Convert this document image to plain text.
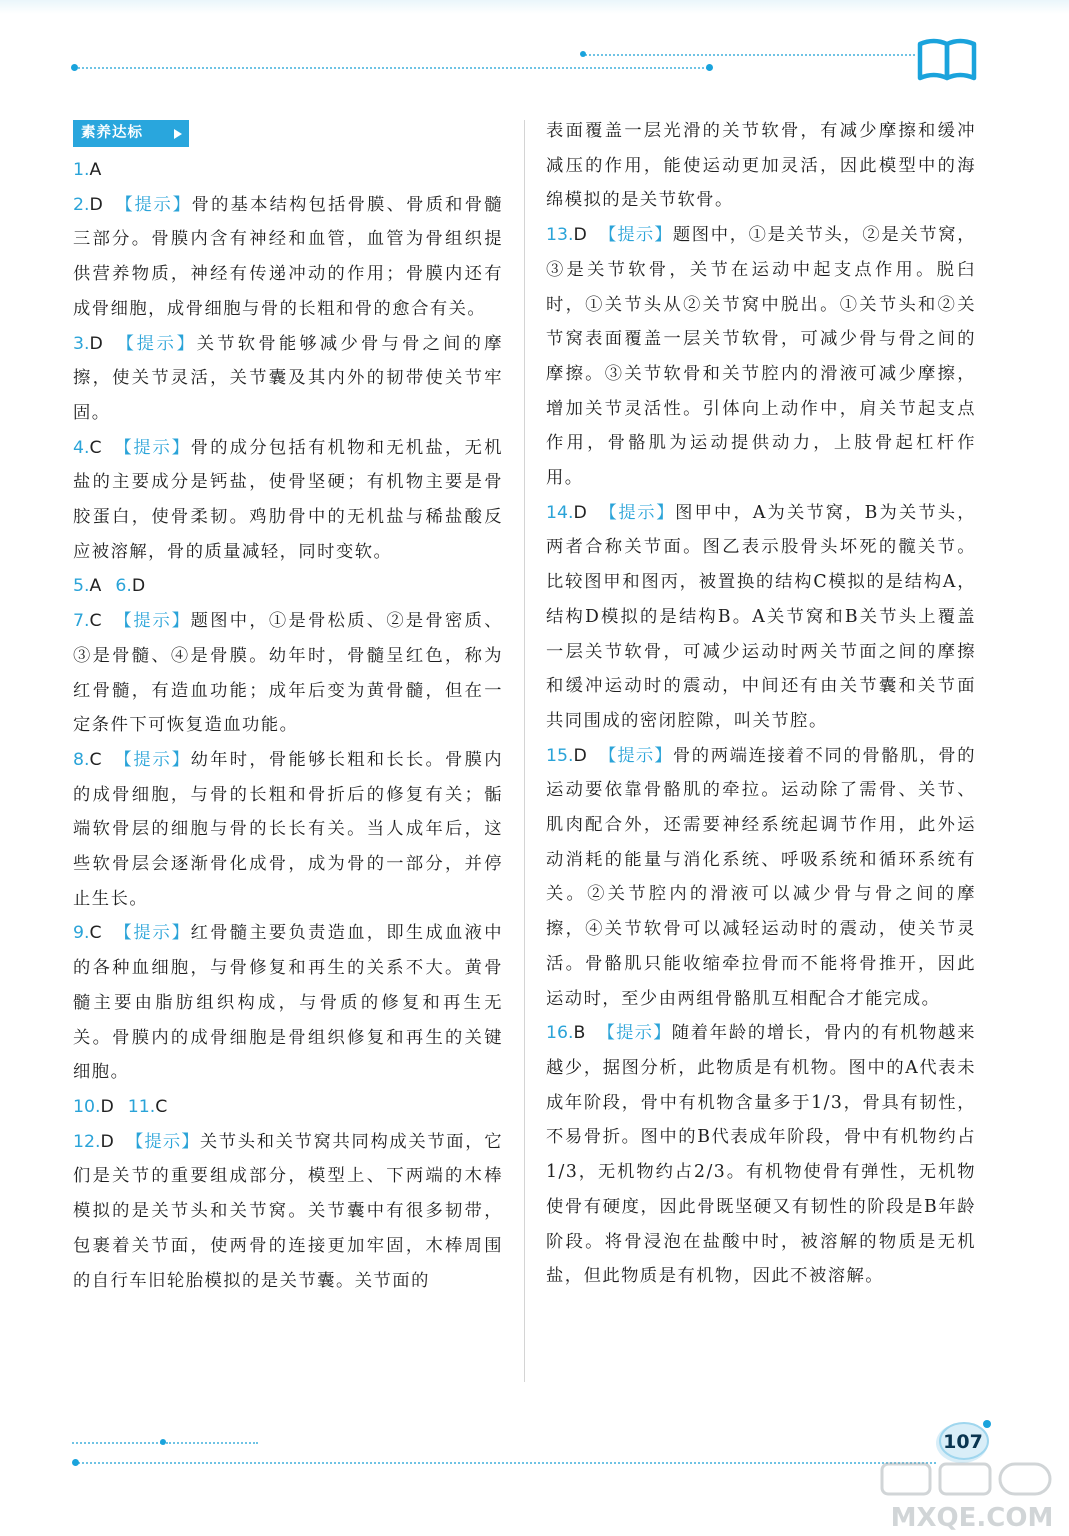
素养达标
1.A
2.D 【提示】骨的基本结构包括骨膜、骨质和骨髓三部分。骨膜内含有神经和血管，血管为骨组织提供营养物质，神经有传递冲动的作用；骨膜内还有成骨细胞，成骨细胞与骨的长粗和骨的愈合有关。
3.D 【提示】关节软骨能够减少骨与骨之间的摩擦，使关节灵活，关节囊及其内外的韧带使关节牢固。
4.C 【提示】骨的成分包括有机物和无机盐，无机盐的主要成分是钙盐，使骨坚硬；有机物主要是骨胶蛋白，使骨柔韧。鸡肋骨中的无机盐与稀盐酸反应被溶解，骨的质量减轻，同时变软。
5.A 6.D
7.C 【提示】题图中，①是骨松质、②是骨密质、③是骨髓、④是骨膜。幼年时，骨髓呈红色，称为红骨髓，有造血功能；成年后变为黄骨髓，但在一定条件下可恢复造血功能。
8.C 【提示】幼年时，骨能够长粗和长长。骨膜内的成骨细胞，与骨的长粗和骨折后的修复有关；骺端软骨层的细胞与骨的长长有关。当人成年后，这些软骨层会逐渐骨化成骨，成为骨的一部分，并停止生长。
9.C 【提示】红骨髓主要负责造血，即生成血液中的各种血细胞，与骨修复和再生的关系不大。黄骨髓主要由脂肪组织构成，与骨质的修复和再生无关。骨膜内的成骨细胞是骨组织修复和再生的关键细胞。
10.D 11.C
12.D 【提示】关节头和关节窝共同构成关节面，它们是关节的重要组成部分，模型上、下两端的木棒模拟的是关节头和关节窝。关节囊中有很多韧带，包裹着关节面，使两骨的连接更加牢固，木棒周围的自行车旧轮胎模拟的是关节囊。关节面的
表面覆盖一层光滑的关节软骨，有减少摩擦和缓冲减压的作用，能使运动更加灵活，因此模型中的海绵模拟的是关节软骨。
13.D 【提示】题图中，①是关节头，②是关节窝，③是关节软骨，关节在运动中起支点作用。脱臼时，①关节头从②关节窝中脱出。①关节头和②关节窝表面覆盖一层关节软骨，可减少骨与骨之间的摩擦。③关节软骨和关节腔内的滑液可减少摩擦，增加关节灵活性。引体向上动作中，肩关节起支点作用，骨骼肌为运动提供动力，上肢骨起杠杆作用。
14.D 【提示】图甲中，A为关节窝，B为关节头，两者合称关节面。图乙表示股骨头坏死的髋关节。比较图甲和图丙，被置换的结构C模拟的是结构A，结构D模拟的是结构B。A关节窝和B关节头上覆盖一层关节软骨，可减少运动时两关节面之间的摩擦和缓冲运动时的震动，中间还有由关节囊和关节面共同围成的密闭腔隙，叫关节腔。
15.D 【提示】骨的两端连接着不同的骨骼肌，骨的运动要依靠骨骼肌的牵拉。运动除了需骨、关节、肌肉配合外，还需要神经系统起调节作用，此外运动消耗的能量与消化系统、呼吸系统和循环系统有关。②关节腔内的滑液可以减少骨与骨之间的摩擦，④关节软骨可以减轻运动时的震动，使关节灵活。骨骼肌只能收缩牵拉骨而不能将骨推开，因此运动时，至少由两组骨骼肌互相配合才能完成。
16.B 【提示】随着年龄的增长，骨内的有机物越来越少，据图分析，此物质是有机物。图中的A代表未成年阶段，骨中有机物含量多于1/3，骨具有韧性，不易骨折。图中的B代表成年阶段，骨中有机物约占1/3，无机物约占2/3。有机物使骨有弹性，无机物使骨有硬度，因此骨既坚硬又有韧性的阶段是B年龄阶段。将骨浸泡在盐酸中时，被溶解的物质是无机盐，但此物质是有机物，因此不被溶解。
107
MXQE.COM
